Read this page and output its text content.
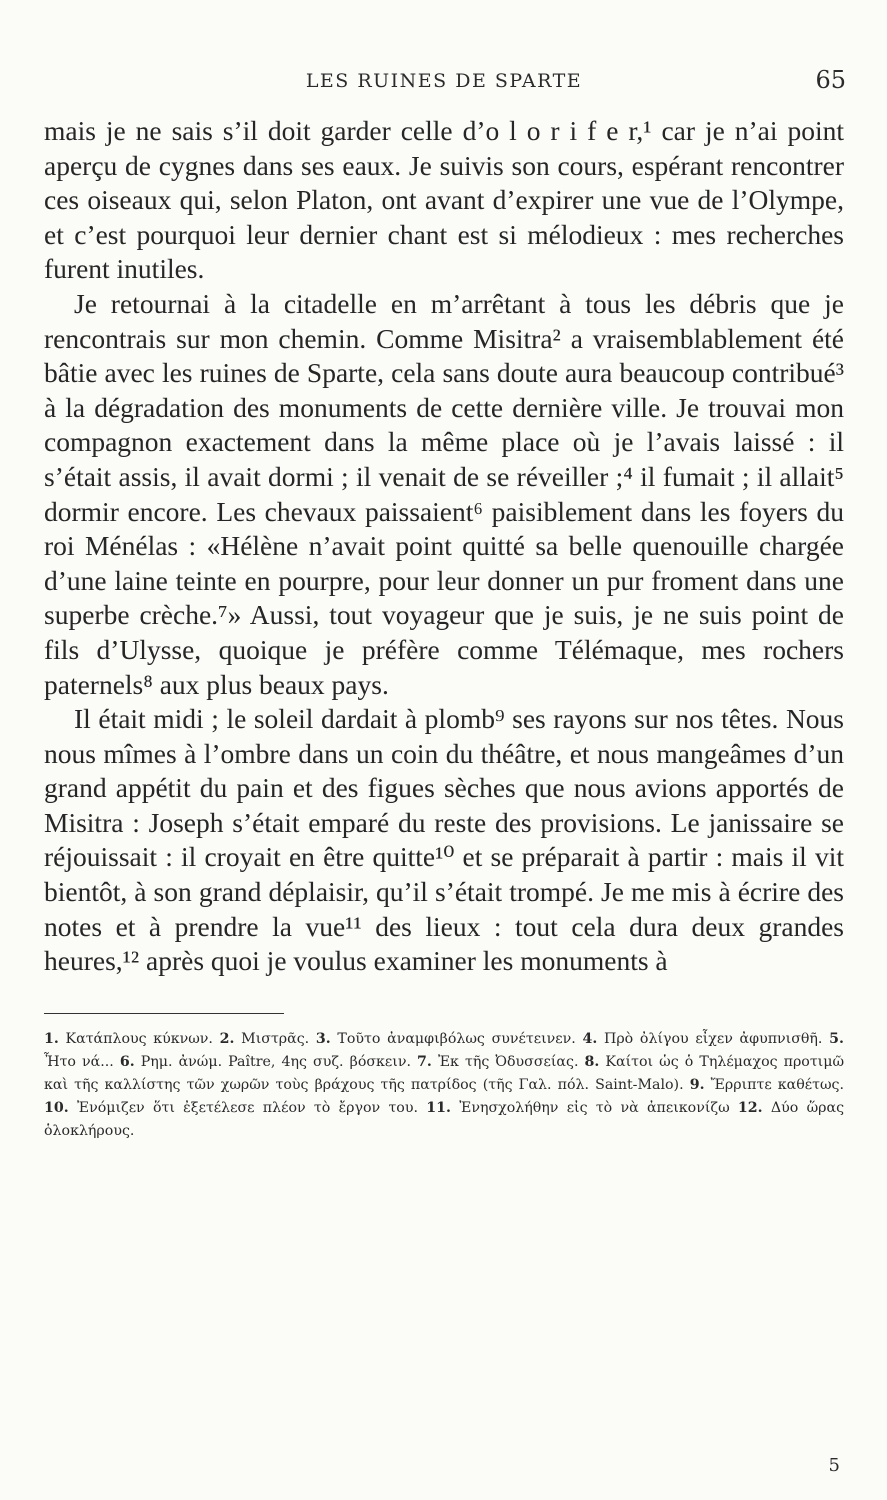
LES RUINES DE SPARTE	65

mais je ne sais s’il doit garder celle d’o l o r i f e r,¹ car je n’ai point aperçu de cygnes dans ses eaux. Je suivis son cours, espérant rencontrer ces oiseaux qui, selon Platon, ont avant d’expirer une vue de l’Olympe, et c’est pourquoi leur dernier chant est si mélodieux : mes recherches furent inutiles.

Je retournai à la citadelle en m’arrêtant à tous les débris que je rencontrais sur mon chemin. Comme Misitra² a vraisemblablement été bâtie avec les ruines de Sparte, cela sans doute aura beaucoup contribué³ à la dégradation des monuments de cette dernière ville. Je trouvai mon compagnon exactement dans la même place où je l’avais laissé : il s’était assis, il avait dormi ; il venait de se réveiller ;⁴ il fumait ; il allait⁵ dormir encore. Les chevaux paissaient⁶ paisiblement dans les foyers du roi Ménélas : «Hélène n’avait point quitté sa belle quenouille chargée d’une laine teinte en pourpre, pour leur donner un pur froment dans une superbe crèche.⁷» Aussi, tout voyageur que je suis, je ne suis point de fils d’Ulysse, quoique je préfère comme Télémaque, mes rochers paternels⁸ aux plus beaux pays.

Il était midi ; le soleil dardait à plomb⁹ ses rayons sur nos têtes. Nous nous mîmes à l’ombre dans un coin du théâtre, et nous mangeâmes d’un grand appétit du pain et des figues sèches que nous avions apportés de Misitra : Joseph s’était emparé du reste des provisions. Le janissaire se réjouissait : il croyait en être quitte¹⁰ et se préparait à partir : mais il vit bientôt, à son grand déplaisir, qu’il s’était trompé. Je me mis à écrire des notes et à prendre la vue¹¹ des lieux : tout cela dura deux grandes heures,¹² après quoi je voulus examiner les monuments à

1. Κατάπλους κύκνων. 2. Μιστρᾶς. 3. Τοῦτο ἀναμφιβόλως συνέτεινεν. 4. Πρὸ ὀλίγου εἶχεν ἀφυπνισθῆ. 5. Ἦτο νά... 6. Ρημ. ἀνώμ. Paître, 4ης συζ. βόσκειν. 7. Ἐκ τῆς Ὀδυσσείας. 8. Καίτοι ὡς ὁ Τηλέμαχος προτιμῶ καὶ τῆς καλλίστης τῶν χωρῶν τοὺς βράχους τῆς πατρίδος (τῆς Γαλ. πόλ. Saint-Malo). 9. Ἔρριπτε καθέτως. 10. Ἐνόμιζεν ὅτι ἐξετέλεσε πλέον τὸ ἔργον του. 11. Ἐνησχολήθην εἰς τὸ νὰ ἀπεικονίζω 12. Δύο ὥρας ὁλοκλήρους.
5
